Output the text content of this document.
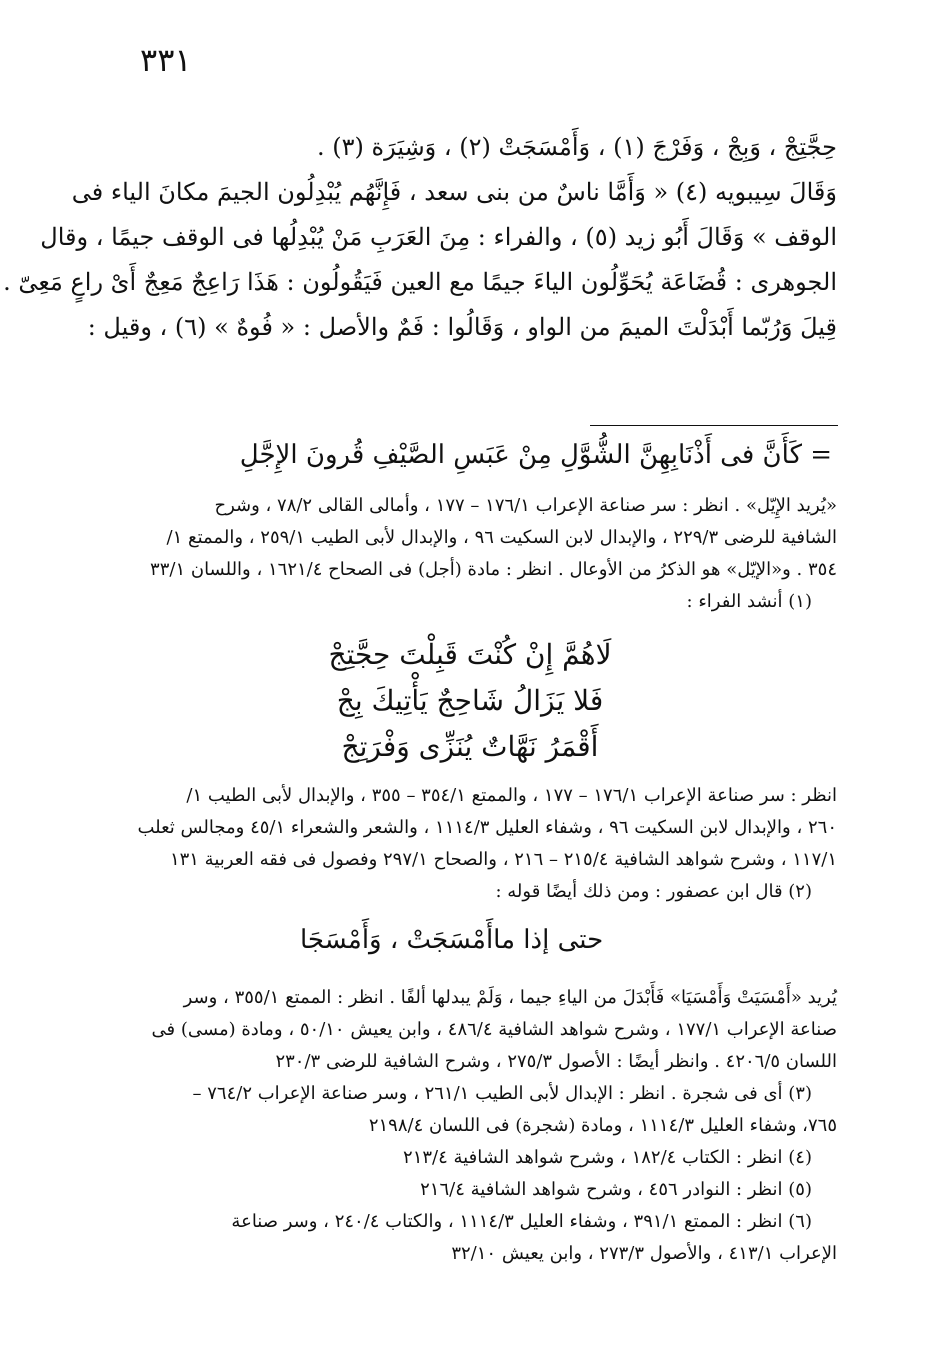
٣٣١
حِجَّتِجْ ، وَبِجْ ، وَفَرْجَ (١) ، وَأَمْسَجَتْ (٢) ، وَشِيَرَة (٣) .
وَقَالَ سِيبويه (٤) « وَأَمَّا ناسٌ من بنى سعد ، فَإِنَّهُم يُبْدِلُون الجيمَ مكانَ الياء فى
الوقف » وَقَالَ أَبُو زيد (٥) ، والفراء : مِنَ العَرَبِ مَنْ يُبْدِلُها فى الوقف جيمًا ، وقال
الجوهرى : قُضَاعَة يُحَوِّلُون الياءَ جيمًا مع العين فَيَقُولُون : هَذَا رَاعِجٌ مَعِجٌ أَىْ راعٍ مَعِىّ .
قِيلَ وَرُبّما أَبْدَلْتَ الميمَ من الواو ، وَقَالُوا : فَمٌ والأصل : « فُوهٌ » (٦) ، وقيل :
= كَأَنَّ فى أَذْنَابِهِنَّ الشُّوَّلِ مِنْ عَبَسِ الصَّيْفِ قُرونَ الإِجَّلِ
«يُريد الإِيّل» . انظر : سر صناعة الإعراب ١٧٦/١ – ١٧٧ ، وأمالى القالى ٧٨/٢ ، وشرح
الشافية للرضى ٢٢٩/٣ ، والإبدال لابن السكيت ٩٦ ، والإبدال لأبى الطيب ٢٥٩/١ ، والممتع ١/
٣٥٤ . و«الإيّل» هو الذكرُ من الأوعال . انظر : مادة (أجل) فى الصحاح ١٦٢١/٤ ، واللسان ٣٣/١
(١) أنشد الفراء :
لَاهُمَّ إِنْ كُنْتَ قَبِلْتَ حِجَّتِجْ
فَلا يَزَالُ شَاحِجٌ يَأْتِيكَ بِجْ
أَقْمَرُ نَهَّاتٌ يُنَزِّى وَفْرَتِجْ
انظر : سر صناعة الإعراب ١٧٦/١ – ١٧٧ ، والممتع ٣٥٤/١ – ٣٥٥ ، والإبدال لأبى الطيب ١/
٢٦٠ ، والإبدال لابن السكيت ٩٦ ، وشفاء العليل ١١١٤/٣ ، والشعر والشعراء ٤٥/١ ومجالس ثعلب
١١٧/١ ، وشرح شواهد الشافية ٢١٥/٤ – ٢١٦ ، والصحاح ٢٩٧/١ وفصول فى فقه العربية ١٣١
(٢) قال ابن عصفور : ومن ذلك أيضًا قوله :
حتى إذا ماأَمْسَجَتْ ، وَأَمْسَجَا
يُريد «أَمْسَيَتْ وَأَمْسَيَا» فَأَبْدَلَ من الياءِ جيما ، وَلَمْ يبدلها ألفًا . انظر : الممتع ٣٥٥/١ ، وسر
صناعة الإعراب ١٧٧/١ ، وشرح شواهد الشافية ٤٨٦/٤ ، وابن يعيش ٥٠/١٠ ، ومادة (مسى) فى
اللسان ٤٢٠٦/٥ . وانظر أيضًا : الأصول ٢٧٥/٣ ، وشرح الشافية للرضى ٢٣٠/٣
(٣) أى فى شجرة . انظر : الإبدال لأبى الطيب ٢٦١/١ ، وسر صناعة الإعراب ٧٦٤/٢ –
٧٦٥، وشفاء العليل ١١١٤/٣ ، ومادة (شجرة) فى اللسان ٢١٩٨/٤
(٤) انظر : الكتاب ١٨٢/٤ ، وشرح شواهد الشافية ٢١٣/٤
(٥) انظر : النوادر ٤٥٦ ، وشرح شواهد الشافية ٢١٦/٤
(٦) انظر : الممتع ٣٩١/١ ، وشفاء العليل ١١١٤/٣ ، والكتاب ٢٤٠/٤ ، وسر صناعة
الإعراب ٤١٣/١ ، والأصول ٢٧٣/٣ ، وابن يعيش ٣٢/١٠
